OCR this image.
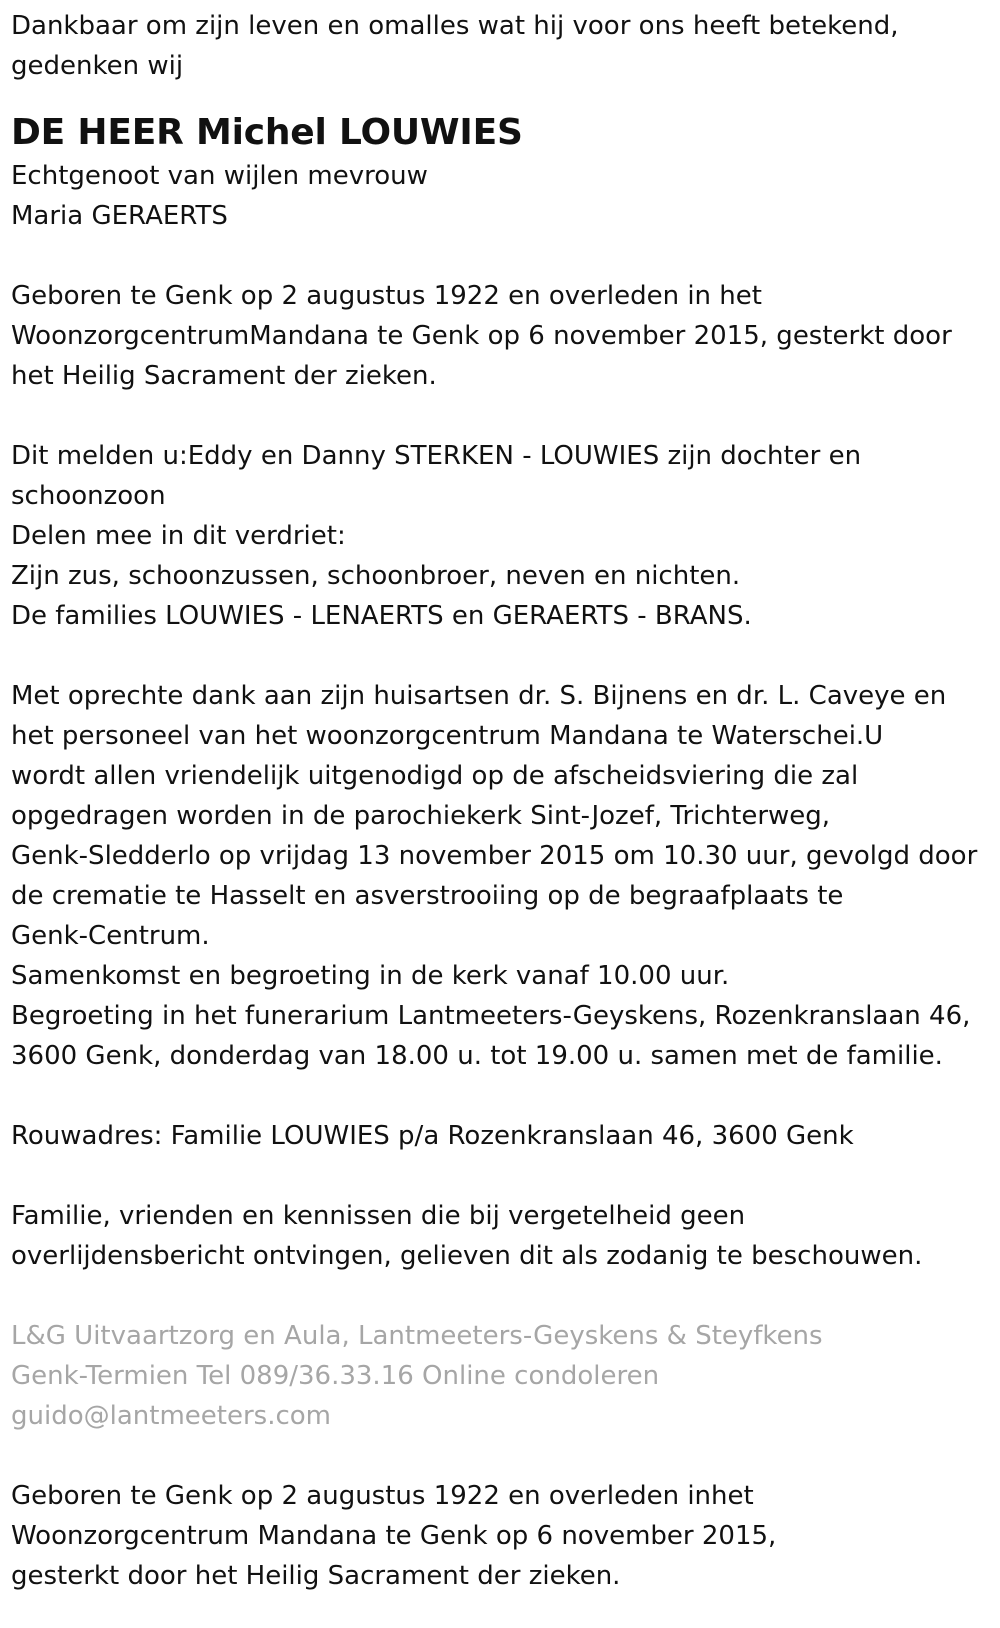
Dankbaar om zijn leven en omalles wat hij voor ons heeft betekend,
gedenken wij
DE HEER Michel LOUWIES
Echtgenoot van wijlen mevrouw
Maria GERAERTS
Geboren te Genk op 2 augustus 1922 en overleden in het
WoonzorgcentrumMandana te Genk op 6 november 2015, gesterkt door
het Heilig Sacrament der zieken.
Dit melden u:Eddy en Danny STERKEN - LOUWIES zijn dochter en
schoonzoon
Delen mee in dit verdriet:
Zijn zus, schoonzussen, schoonbroer, neven en nichten.
De families LOUWIES - LENAERTS en GERAERTS - BRANS.
Met oprechte dank aan zijn huisartsen dr. S. Bijnens en dr. L. Caveye en
het personeel van het woonzorgcentrum Mandana te Waterschei.U
wordt allen vriendelijk uitgenodigd op de afscheidsviering die zal
opgedragen worden in de parochiekerk Sint-Jozef, Trichterweg,
Genk-Sledderlo op vrijdag 13 november 2015 om 10.30 uur, gevolgd door
de crematie te Hasselt en asverstrooiing op de begraafplaats te
Genk-Centrum.
Samenkomst en begroeting in de kerk vanaf 10.00 uur.
Begroeting in het funerarium Lantmeeters-Geyskens, Rozenkranslaan 46,
3600 Genk, donderdag van 18.00 u. tot 19.00 u. samen met de familie.
Rouwadres: Familie LOUWIES p/a Rozenkranslaan 46, 3600 Genk
Familie, vrienden en kennissen die bij vergetelheid geen
overlijdensbericht ontvingen, gelieven dit als zodanig te beschouwen.
L&G Uitvaartzorg en Aula, Lantmeeters-Geyskens & Steyfkens
Genk-Termien Tel 089/36.33.16 Online condoleren
guido@lantmeeters.com
Geboren te Genk op 2 augustus 1922 en overleden inhet
Woonzorgcentrum Mandana te Genk op 6 november 2015,
gesterkt door het Heilig Sacrament der zieken.
